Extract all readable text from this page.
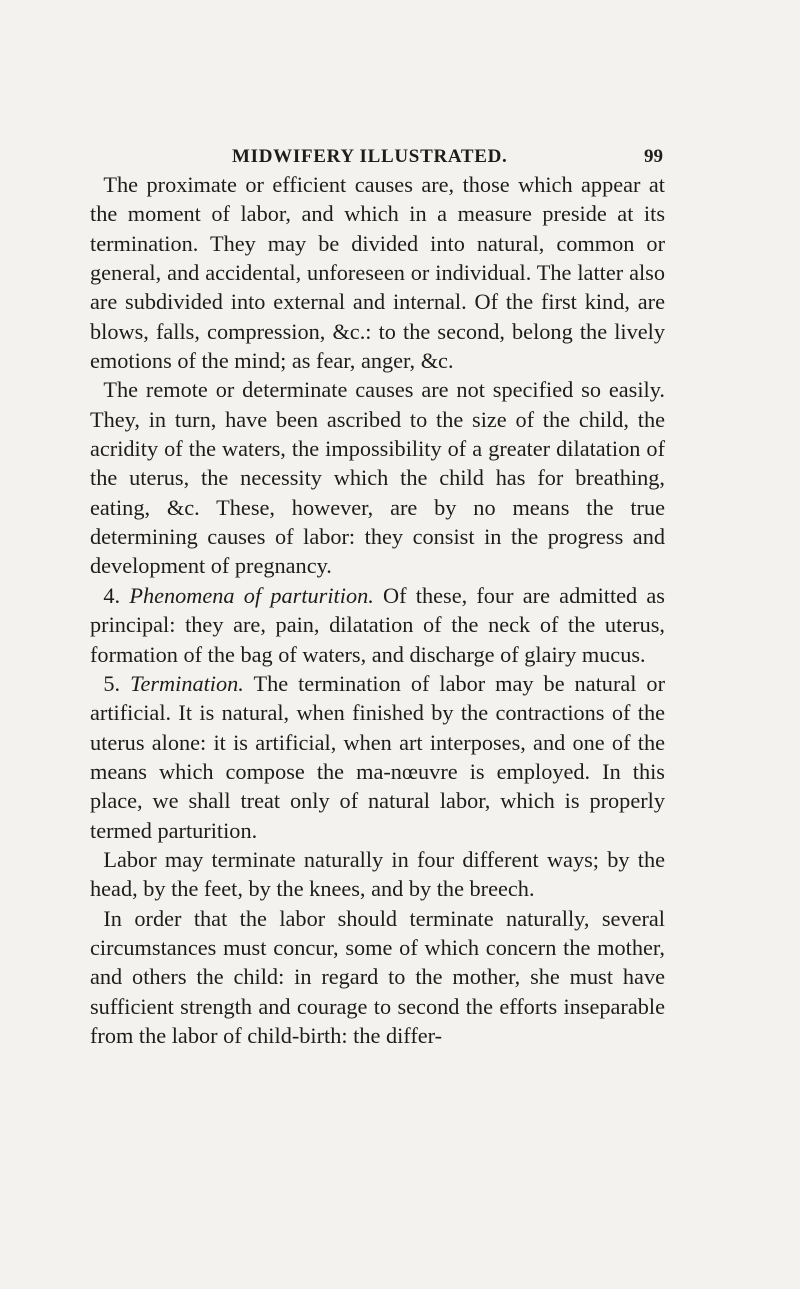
MIDWIFERY ILLUSTRATED.	99

The proximate or efficient causes are, those which appear at the moment of labor, and which in a measure preside at its termination. They may be divided into natural, common or general, and accidental, unforeseen or individual. The latter also are subdivided into external and internal. Of the first kind, are blows, falls, compression, &c.: to the second, belong the lively emotions of the mind; as fear, anger, &c.

The remote or determinate causes are not specified so easily. They, in turn, have been ascribed to the size of the child, the acridity of the waters, the impossibility of a greater dilatation of the uterus, the necessity which the child has for breathing, eating, &c. These, however, are by no means the true determining causes of labor: they consist in the progress and development of pregnancy.

4. Phenomena of parturition. Of these, four are admitted as principal: they are, pain, dilatation of the neck of the uterus, formation of the bag of waters, and discharge of glairy mucus.

5. Termination. The termination of labor may be natural or artificial. It is natural, when finished by the contractions of the uterus alone: it is artificial, when art interposes, and one of the means which compose the ma-nœuvre is employed. In this place, we shall treat only of natural labor, which is properly termed parturition.

Labor may terminate naturally in four different ways; by the head, by the feet, by the knees, and by the breech.

In order that the labor should terminate naturally, several circumstances must concur, some of which concern the mother, and others the child: in regard to the mother, she must have sufficient strength and courage to second the efforts inseparable from the labor of child-birth: the differ-
